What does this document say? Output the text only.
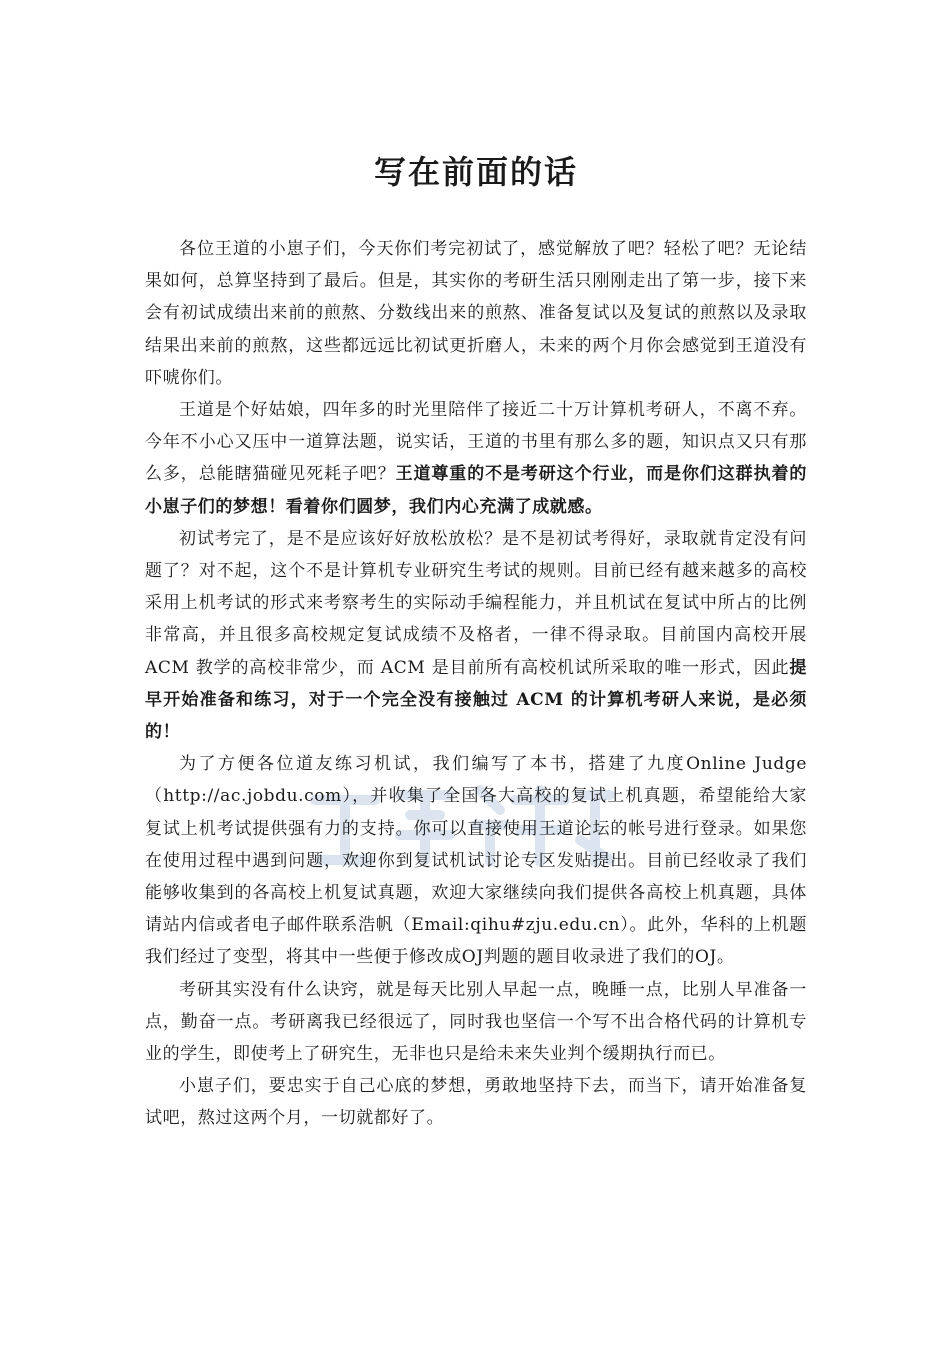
写在前面的话

各位王道的小崽子们，今天你们考完初试了，感觉解放了吧？轻松了吧？无论结果如何，总算坚持到了最后。但是，其实你的考研生活只刚刚走出了第一步，接下来会有初试成绩出来前的煎熬、分数线出来的煎熬、准备复试以及复试的煎熬以及录取结果出来前的煎熬，这些都远远比初试更折磨人，未来的两个月你会感觉到王道没有吓唬你们。

王道是个好姑娘，四年多的时光里陪伴了接近二十万计算机考研人，不离不弃。今年不小心又压中一道算法题，说实话，王道的书里有那么多的题，知识点又只有那么多，总能瞎猫碰见死耗子吧？王道尊重的不是考研这个行业，而是你们这群执着的小崽子们的梦想！看着你们圆梦，我们内心充满了成就感。

初试考完了，是不是应该好好放松放松？是不是初试考得好，录取就肯定没有问题了？对不起，这个不是计算机专业研究生考试的规则。目前已经有越来越多的高校采用上机考试的形式来考察考生的实际动手编程能力，并且机试在复试中所占的比例非常高，并且很多高校规定复试成绩不及格者，一律不得录取。目前国内高校开展 ACM 教学的高校非常少，而 ACM 是目前所有高校机试所采取的唯一形式，因此提早开始准备和练习，对于一个完全没有接触过 ACM 的计算机考研人来说，是必须的！

为了方便各位道友练习机试，我们编写了本书，搭建了九度Online Judge（http://ac.jobdu.com），并收集了全国各大高校的复试上机真题，希望能给大家复试上机考试提供强有力的支持。你可以直接使用王道论坛的帐号进行登录。如果您在使用过程中遇到问题，欢迎你到复试机试讨论专区发贴提出。目前已经收录了我们能够收集到的各高校上机复试真题，欢迎大家继续向我们提供各高校上机真题，具体请站内信或者电子邮件联系浩帆（Email:qihu#zju.edu.cn）。此外，华科的上机题我们经过了变型，将其中一些便于修改成OJ判题的题目收录进了我们的OJ。

考研其实没有什么诀窍，就是每天比别人早起一点，晚睡一点，比别人早准备一点，勤奋一点。考研离我已经很远了，同时我也坚信一个写不出合格代码的计算机专业的学生，即使考上了研究生，无非也只是给未来失业判个缓期执行而已。

小崽子们，要忠实于自己心底的梦想，勇敢地坚持下去，而当下，请开始准备复试吧，熬过这两个月，一切就都好了。
